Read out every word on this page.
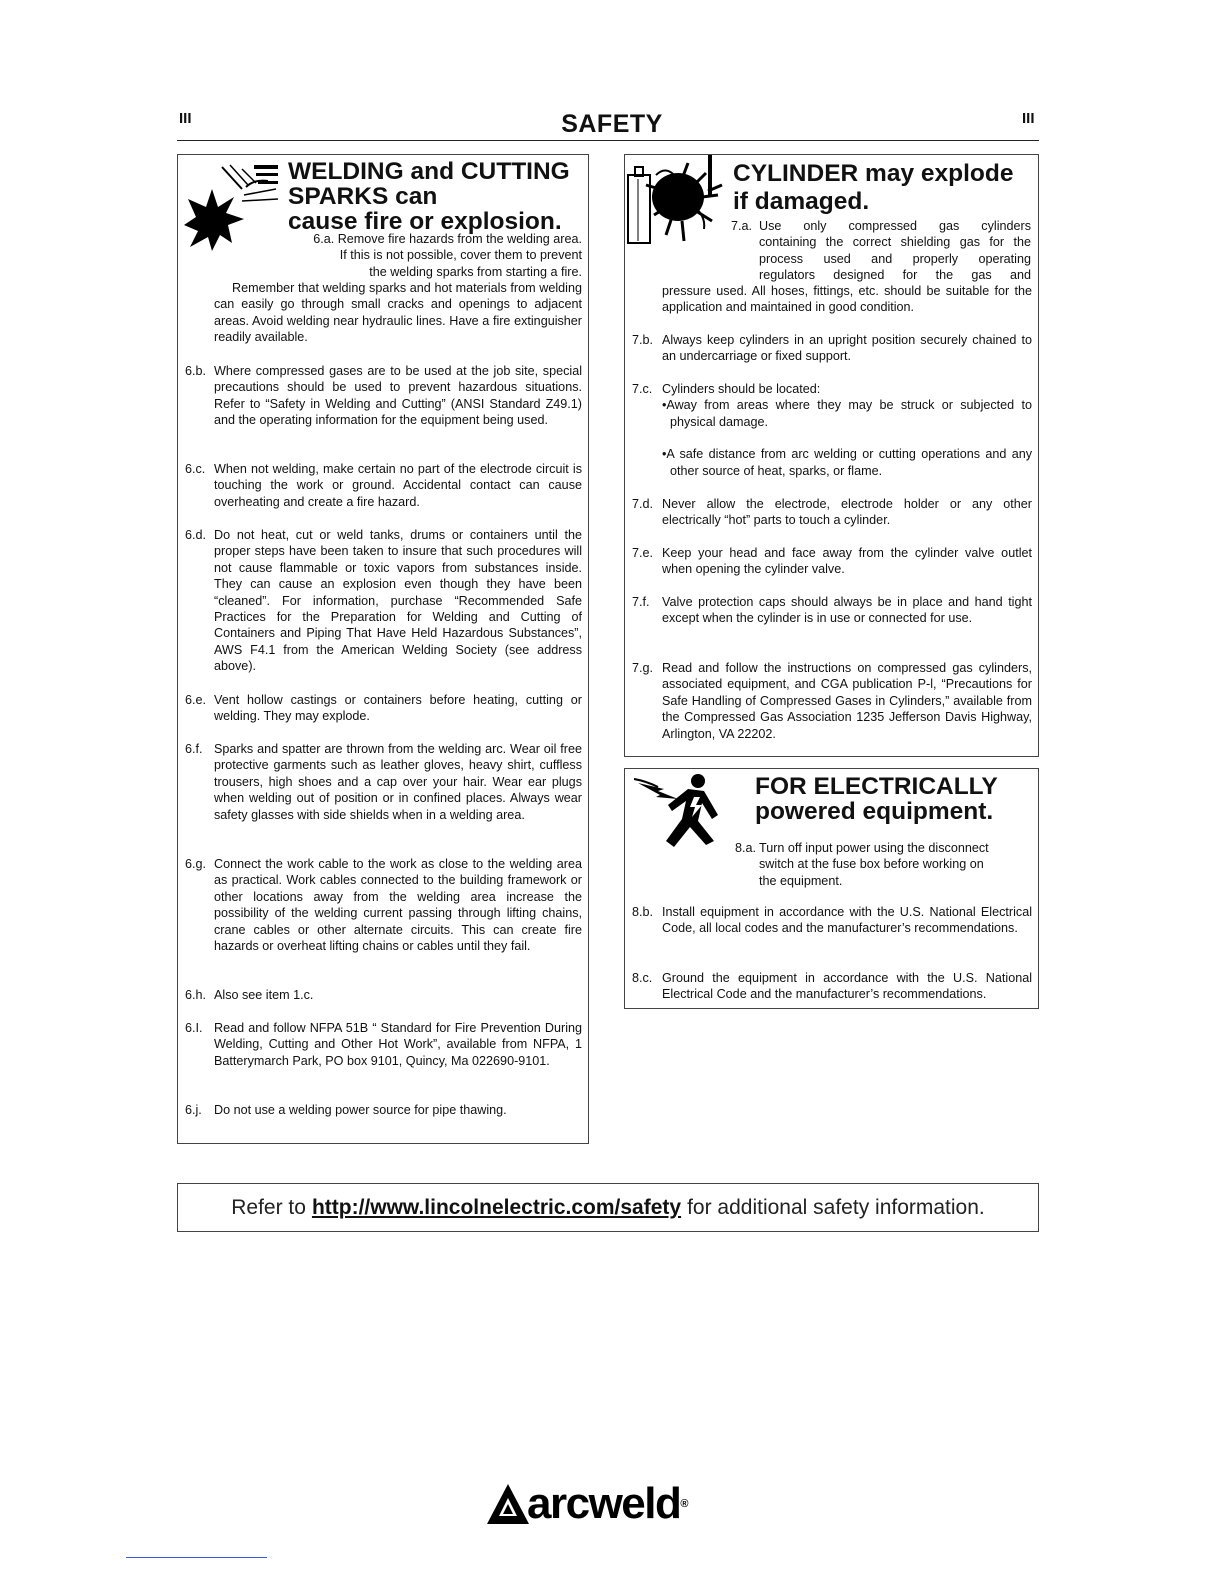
III	SAFETY	III
WELDING and CUTTING
SPARKS can
cause fire or explosion.
6.a. Remove fire hazards from the welding area.
If this is not possible, cover them to prevent
the welding sparks from starting a fire.
Remember that welding sparks and hot materials from welding can easily go through small cracks and openings to adjacent areas. Avoid welding near hydraulic lines. Have a fire extinguisher readily available.
6.b. Where compressed gases are to be used at the job site, special precautions should be used to prevent hazardous situations. Refer to “Safety in Welding and Cutting” (ANSI Standard Z49.1) and the operating information for the equipment being used.
6.c. When not welding, make certain no part of the electrode circuit is touching the work or ground. Accidental contact can cause overheating and create a fire hazard.
6.d. Do not heat, cut or weld tanks, drums or containers until the proper steps have been taken to insure that such procedures will not cause flammable or toxic vapors from substances inside. They can cause an explosion even though they have been “cleaned”. For information, purchase “Recommended Safe Practices for the Preparation for Welding and Cutting of Containers and Piping That Have Held Hazardous Substances”, AWS F4.1 from the American Welding Society (see address above).
6.e. Vent hollow castings or containers before heating, cutting or welding. They may explode.
6.f. Sparks and spatter are thrown from the welding arc. Wear oil free protective garments such as leather gloves, heavy shirt, cuffless trousers, high shoes and a cap over your hair. Wear ear plugs when welding out of position or in confined places. Always wear safety glasses with side shields when in a welding area.
6.g. Connect the work cable to the work as close to the welding area as practical. Work cables connected to the building framework or other locations away from the welding area increase the possibility of the welding current passing through lifting chains, crane cables or other alternate circuits. This can create fire hazards or overheat lifting chains or cables until they fail.
6.h. Also see item 1.c.
6.I. Read and follow NFPA 51B “ Standard for Fire Prevention During Welding, Cutting and Other Hot Work”, available from NFPA, 1 Batterymarch Park, PO box 9101, Quincy, Ma 022690-9101.
6.j. Do not use a welding power source for pipe thawing.
CYLINDER may explode
if damaged.
7.a. Use only compressed gas cylinders
containing the correct shielding gas for the
process used and properly operating
regulators designed for the gas and
pressure used. All hoses, fittings, etc. should be suitable for the application and maintained in good condition.
7.b. Always keep cylinders in an upright position securely chained to an undercarriage or fixed support.
7.c. Cylinders should be located:
•Away from areas where they may be struck or subjected to physical damage.
•A safe distance from arc welding or cutting operations and any other source of heat, sparks, or flame.
7.d. Never allow the electrode, electrode holder or any other electrically “hot” parts to touch a cylinder.
7.e. Keep your head and face away from the cylinder valve outlet when opening the cylinder valve.
7.f. Valve protection caps should always be in place and hand tight except when the cylinder is in use or connected for use.
7.g. Read and follow the instructions on compressed gas cylinders, associated equipment, and CGA publication P-l, “Precautions for Safe Handling of Compressed Gases in Cylinders,” available from the Compressed Gas Association 1235 Jefferson Davis Highway, Arlington, VA 22202.
FOR ELECTRICALLY
powered equipment.
8.a. Turn off input power using the disconnect
switch at the fuse box before working on
the equipment.
8.b. Install equipment in accordance with the U.S. National Electrical Code, all local codes and the manufacturer’s recommendations.
8.c. Ground the equipment in accordance with the U.S. National Electrical Code and the manufacturer’s recommendations.
Refer to http://www.lincolnelectric.com/safety for additional safety information.
arcweld®
